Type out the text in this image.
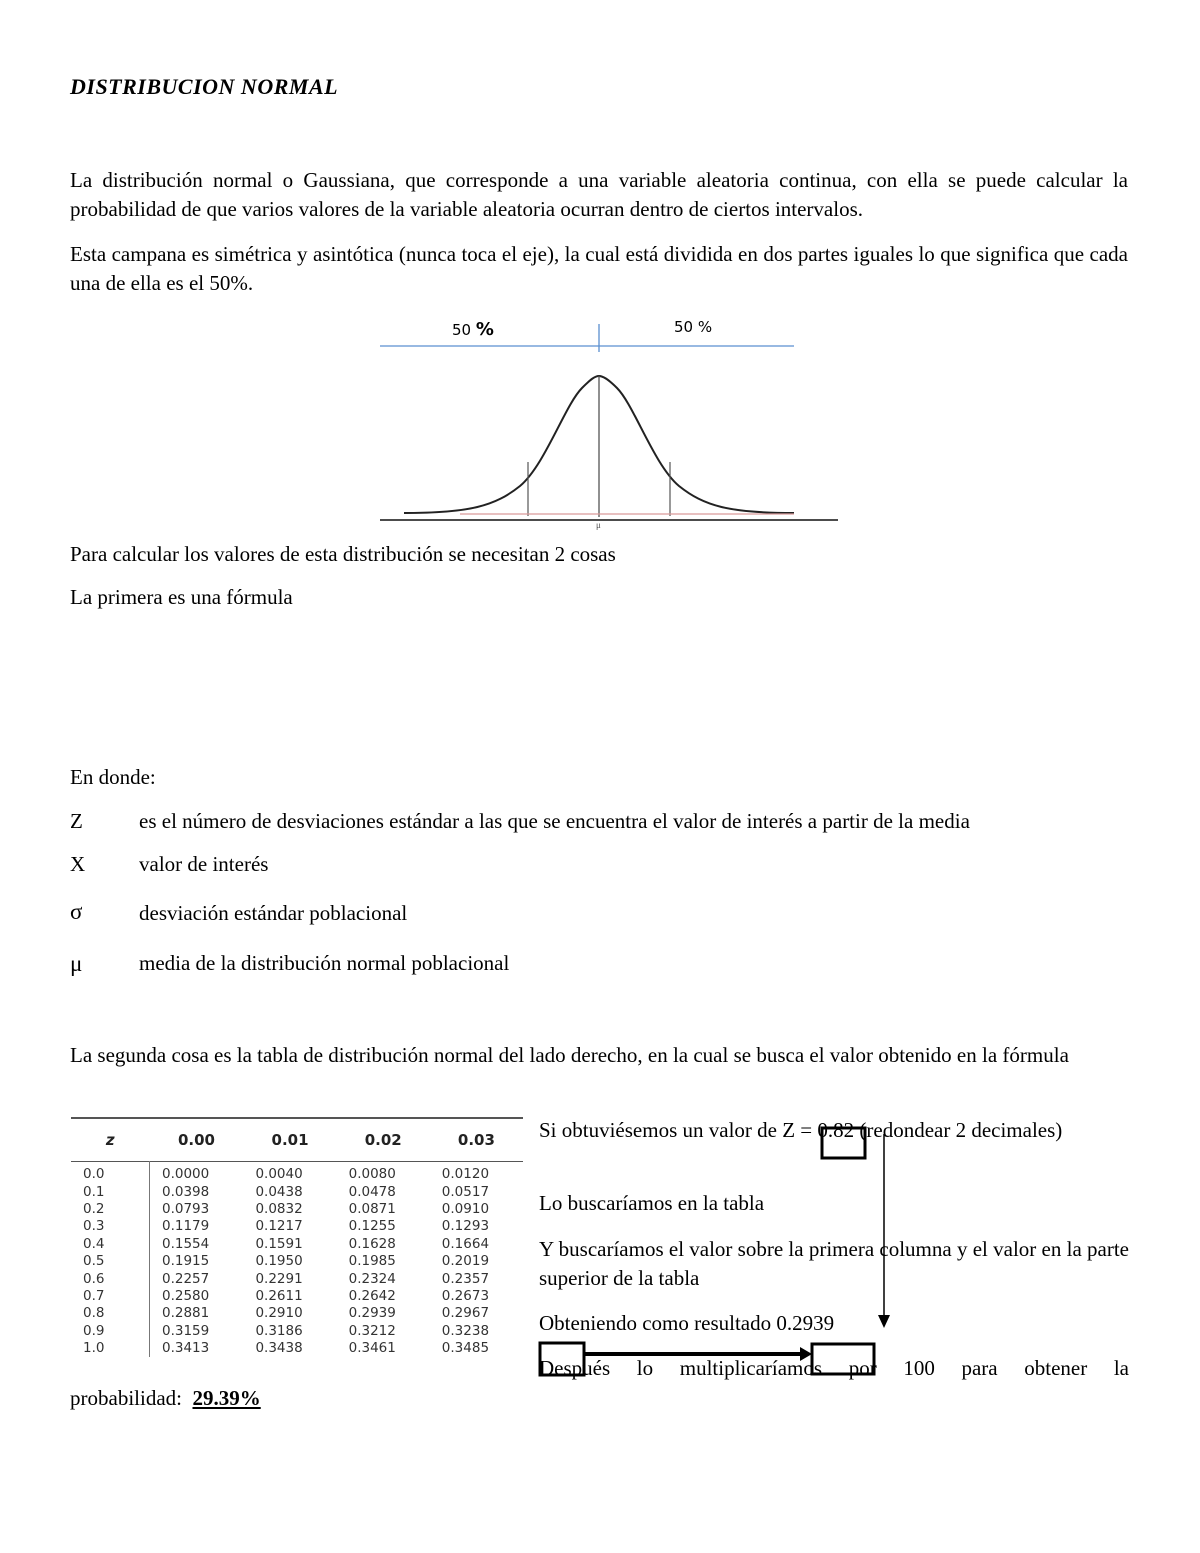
DISTRIBUCION NORMAL
La distribución normal o Gaussiana, que corresponde a una variable aleatoria continua, con ella se puede calcular la probabilidad de que varios valores de la variable aleatoria ocurran dentro de ciertos intervalos.
Esta campana es simétrica y asintótica (nunca toca el eje), la cual está dividida en dos partes iguales lo que significa que cada una de ella es el 50%.
50 %	50 %
μ
Para calcular los valores de esta distribución se necesitan 2 cosas
La primera es una fórmula
En donde:
Z	es el número de desviaciones estándar a las que se encuentra el valor de interés a partir de la media
X	valor de interés
σ	desviación estándar poblacional
μ	media de la distribución normal poblacional
La segunda cosa es la tabla de distribución normal del lado derecho, en la cual se busca el valor obtenido en la fórmula
z	0.00	0.01	0.02	0.03
0.0	0.0000	0.0040	0.0080	0.0120
0.1	0.0398	0.0438	0.0478	0.0517
0.2	0.0793	0.0832	0.0871	0.0910
0.3	0.1179	0.1217	0.1255	0.1293
0.4	0.1554	0.1591	0.1628	0.1664
0.5	0.1915	0.1950	0.1985	0.2019
0.6	0.2257	0.2291	0.2324	0.2357
0.7	0.2580	0.2611	0.2642	0.2673
0.8	0.2881	0.2910	0.2939	0.2967
0.9	0.3159	0.3186	0.3212	0.3238
1.0	0.3413	0.3438	0.3461	0.3485
Si obtuviésemos un valor de Z = 0.82 (redondear 2 decimales)
Lo buscaríamos en la tabla
Y buscaríamos el valor sobre la primera columna y el valor en la parte superior de la tabla
Obteniendo como resultado 0.2939
Después lo multiplicaríamos por 100 para obtener la
probabilidad: 29.39%
